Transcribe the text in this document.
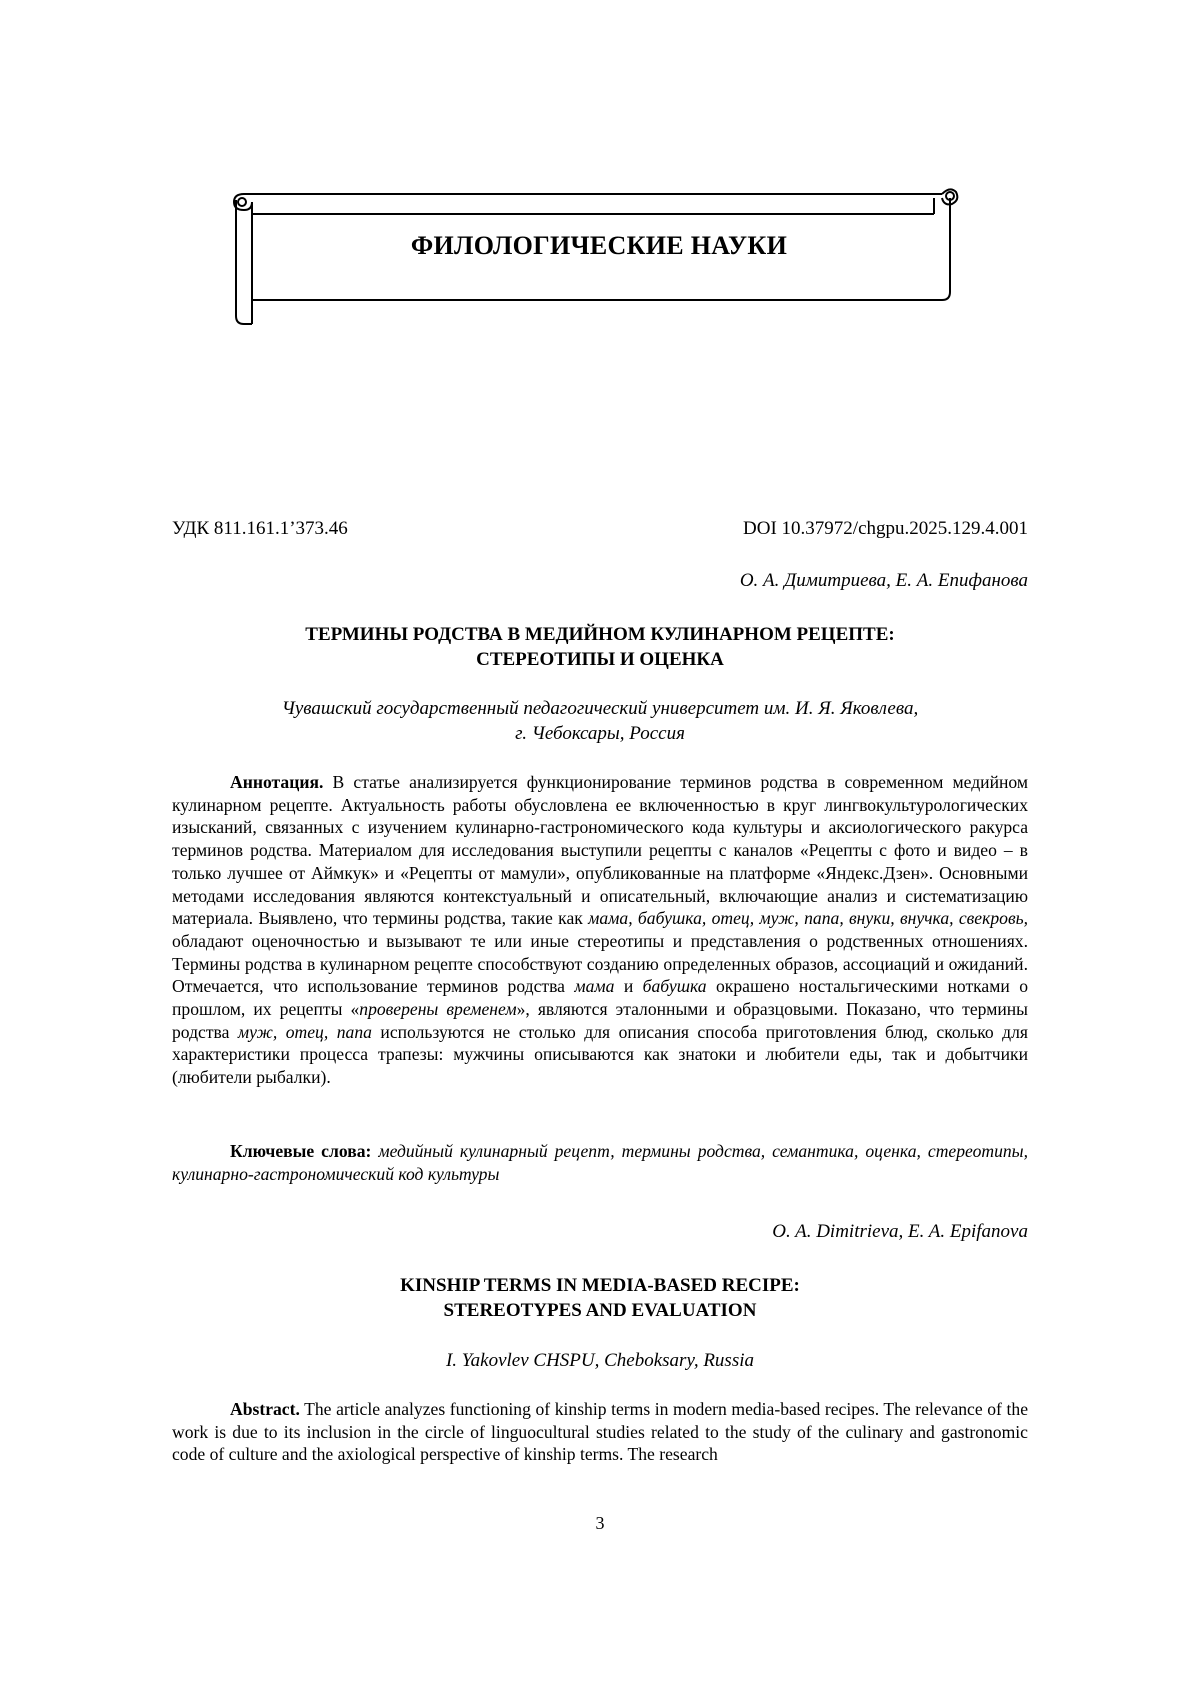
ФИЛОЛОГИЧЕСКИЕ НАУКИ
УДК 811.161.1’373.46	DOI 10.37972/chgpu.2025.129.4.001
О. А. Димитриева, Е. А. Епифанова
ТЕРМИНЫ РОДСТВА В МЕДИЙНОМ КУЛИНАРНОМ РЕЦЕПТЕ:
СТЕРЕОТИПЫ И ОЦЕНКА
Чувашский государственный педагогический университет им. И. Я. Яковлева,
г. Чебоксары, Россия

Аннотация. В статье анализируется функционирование терминов родства в современном медийном кулинарном рецепте. Актуальность работы обусловлена ее включенностью в круг лингвокультурологических изысканий, связанных с изучением кулинарно-гастрономического кода культуры и аксиологического ракурса терминов родства. Материалом для исследования выступили рецепты с каналов «Рецепты с фото и видео – в только лучшее от Аймкук» и «Рецепты от мамули», опубликованные на платформе «Яндекс.Дзен». Основными методами исследования являются контекстуальный и описательный, включающие анализ и систематизацию материала. Выявлено, что термины родства, такие как мама, бабушка, отец, муж, папа, внуки, внучка, свекровь, обладают оценочностью и вызывают те или иные стереотипы и представления о родственных отношениях. Термины родства в кулинарном рецепте способствуют созданию определенных образов, ассоциаций и ожиданий. Отмечается, что использование терминов родства мама и бабушка окрашено ностальгическими нотками о прошлом, их рецепты «проверены временем», являются эталонными и образцовыми. Показано, что термины родства муж, отец, папа используются не столько для описания способа приготовления блюд, сколько для характеристики процесса трапезы: мужчины описываются как знатоки и любители еды, так и добытчики (любители рыбалки).

Ключевые слова: медийный кулинарный рецепт, термины родства, семантика, оценка, стереотипы, кулинарно-гастрономический код культуры

O. A. Dimitrieva, E. A. Epifanova
KINSHIP TERMS IN MEDIA-BASED RECIPE:
STEREOTYPES AND EVALUATION
I. Yakovlev CHSPU, Cheboksary, Russia

Abstract. The article analyzes functioning of kinship terms in modern media-based recipes. The relevance of the work is due to its inclusion in the circle of linguocultural studies related to the study of the culinary and gastronomic code of culture and the axiological perspective of kinship terms. The research

3
